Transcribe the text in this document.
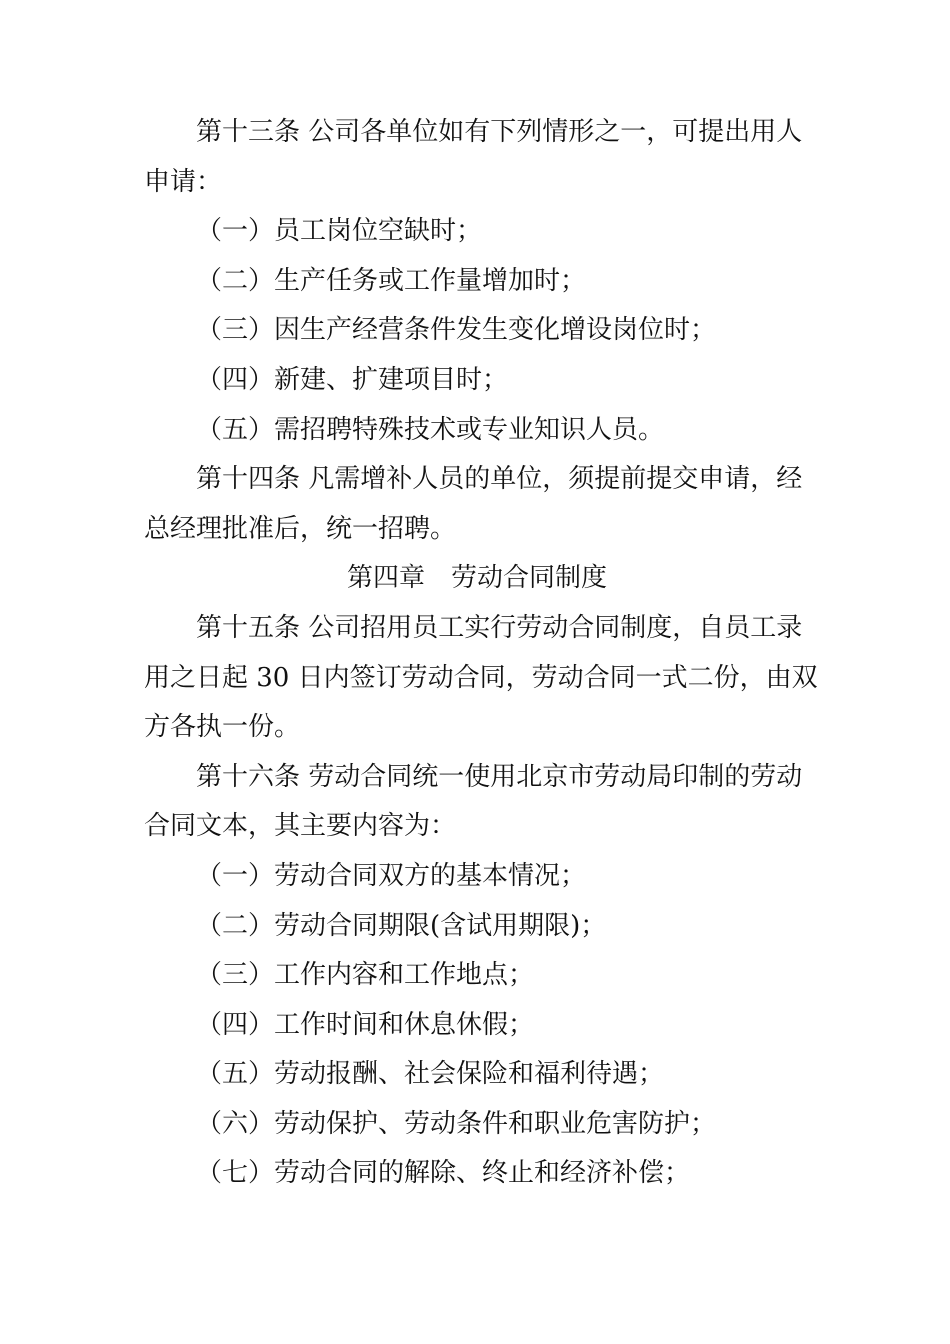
第十三条 公司各单位如有下列情形之一，可提出用人
申请：
（一）员工岗位空缺时；
（二）生产任务或工作量增加时；
（三）因生产经营条件发生变化增设岗位时；
（四）新建、扩建项目时；
（五）需招聘特殊技术或专业知识人员。
第十四条 凡需增补人员的单位，须提前提交申请，经
总经理批准后，统一招聘。
第四章 劳动合同制度
第十五条 公司招用员工实行劳动合同制度，自员工录
用之日起 30 日内签订劳动合同，劳动合同一式二份，由双
方各执一份。
第十六条 劳动合同统一使用北京市劳动局印制的劳动
合同文本，其主要内容为：
（一）劳动合同双方的基本情况；
（二）劳动合同期限(含试用期限)；
（三）工作内容和工作地点；
（四）工作时间和休息休假；
（五）劳动报酬、社会保险和福利待遇；
（六）劳动保护、劳动条件和职业危害防护；
（七）劳动合同的解除、终止和经济补偿；
